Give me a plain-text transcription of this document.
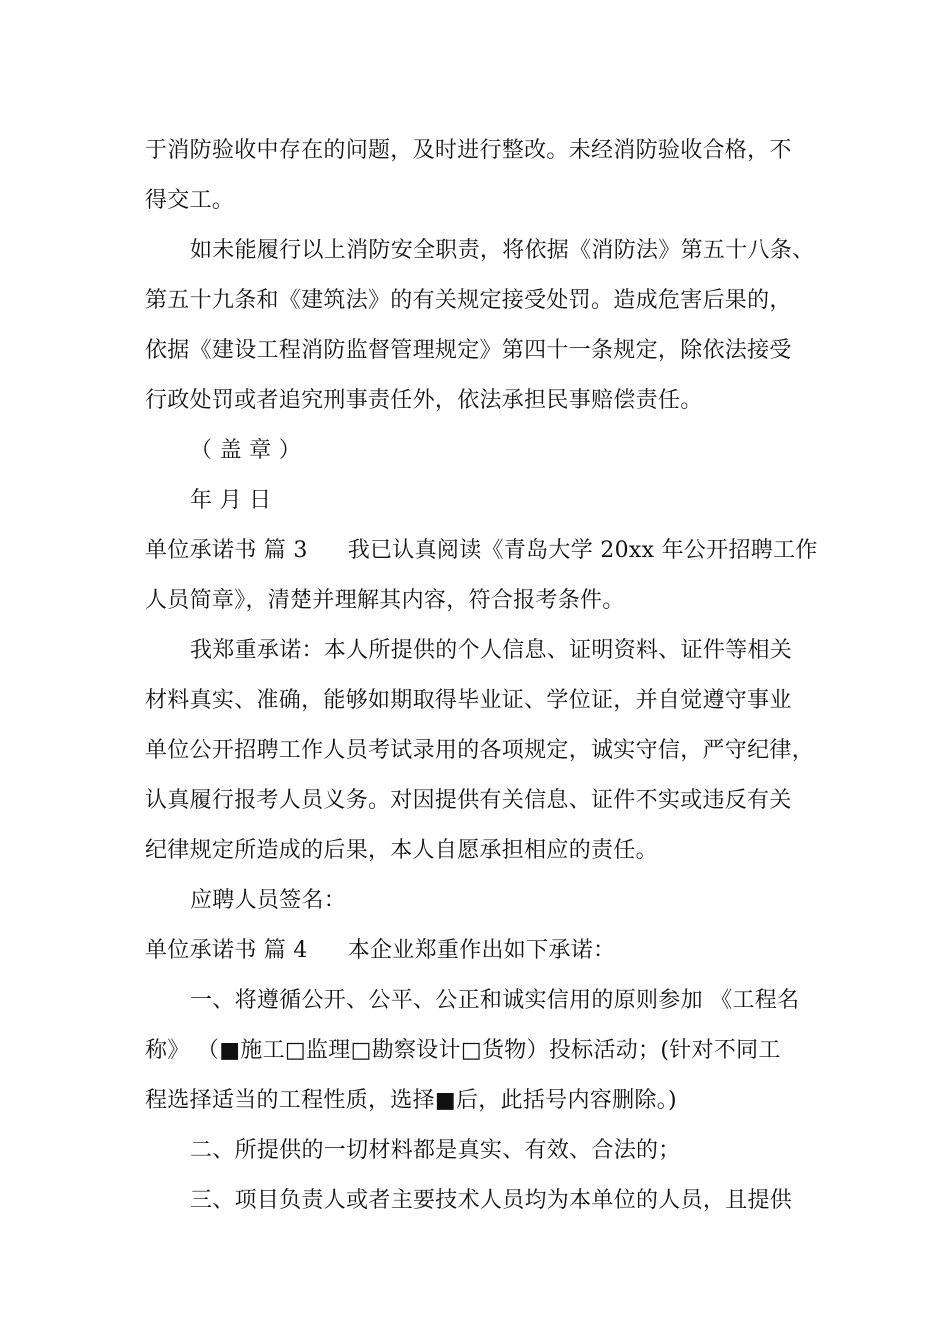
于消防验收中存在的问题，及时进行整改。未经消防验收合格，不
得交工。
如未能履行以上消防安全职责，将依据《消防法》第五十八条、
第五十九条和《建筑法》的有关规定接受处罚。造成危害后果的，
依据《建设工程消防监督管理规定》第四十一条规定，除依法接受
行政处罚或者追究刑事责任外，依法承担民事赔偿责任。
（ 盖 章 ）
年 月 日
单位承诺书 篇 3 我已认真阅读《青岛大学 20xx 年公开招聘工作
人员简章》，清楚并理解其内容，符合报考条件。
我郑重承诺：本人所提供的个人信息、证明资料、证件等相关
材料真实、准确，能够如期取得毕业证、学位证，并自觉遵守事业
单位公开招聘工作人员考试录用的各项规定，诚实守信，严守纪律，
认真履行报考人员义务。对因提供有关信息、证件不实或违反有关
纪律规定所造成的后果，本人自愿承担相应的责任。
应聘人员签名：
单位承诺书 篇 4 本企业郑重作出如下承诺：
一、将遵循公开、公平、公正和诚实信用的原则参加 《工程名
称》 （■施工□监理□勘察设计□货物）投标活动；(针对不同工
程选择适当的工程性质，选择■后，此括号内容删除。)
二、所提供的一切材料都是真实、有效、合法的；
三、项目负责人或者主要技术人员均为本单位的人员，且提供
